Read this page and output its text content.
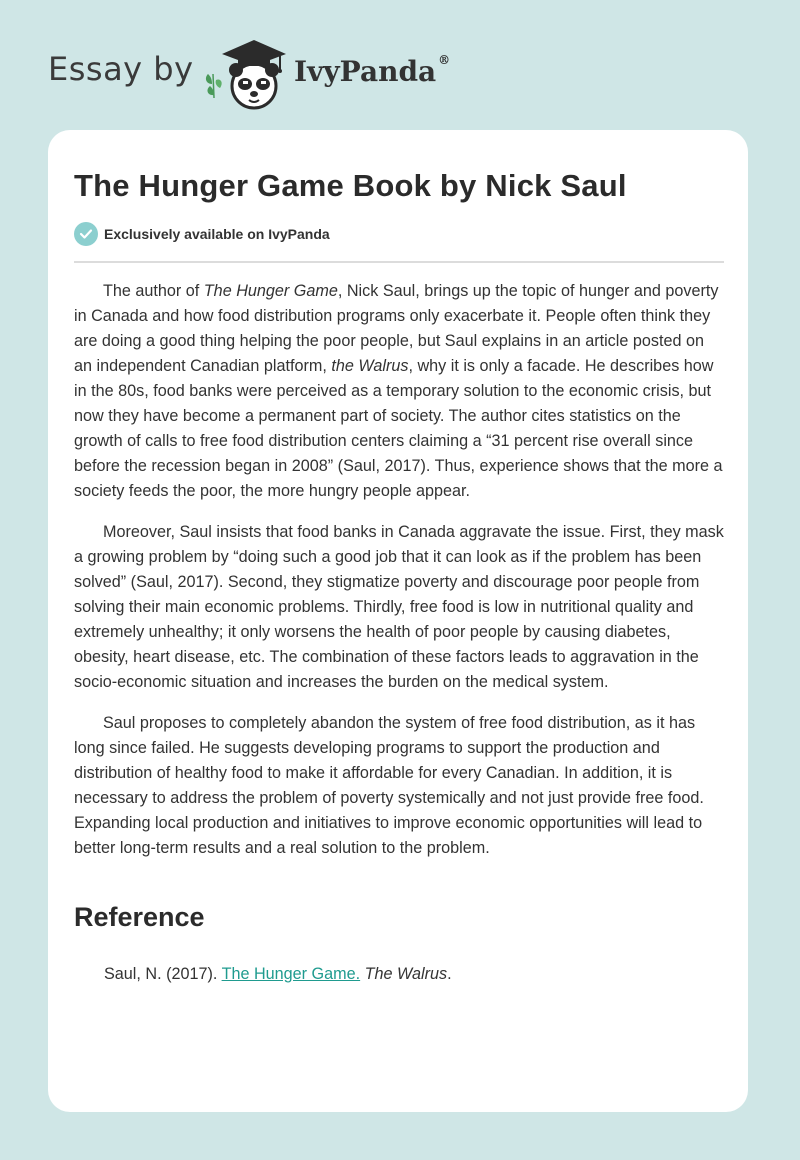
Essay by	IvyPanda ®
The Hunger Game Book by Nick Saul
Exclusively available on IvyPanda

The author of The Hunger Game, Nick Saul, brings up the topic of hunger and poverty in Canada and how food distribution programs only exacerbate it. People often think they are doing a good thing helping the poor people, but Saul explains in an article posted on an independent Canadian platform, the Walrus, why it is only a facade. He describes how in the 80s, food banks were perceived as a temporary solution to the economic crisis, but now they have become a permanent part of society. The author cites statistics on the growth of calls to free food distribution centers claiming a “31 percent rise overall since before the recession began in 2008” (Saul, 2017). Thus, experience shows that the more a society feeds the poor, the more hungry people appear.

Moreover, Saul insists that food banks in Canada aggravate the issue. First, they mask a growing problem by “doing such a good job that it can look as if the problem has been solved” (Saul, 2017). Second, they stigmatize poverty and discourage poor people from solving their main economic problems. Thirdly, free food is low in nutritional quality and extremely unhealthy; it only worsens the health of poor people by causing diabetes, obesity, heart disease, etc. The combination of these factors leads to aggravation in the socio-economic situation and increases the burden on the medical system.

Saul proposes to completely abandon the system of free food distribution, as it has long since failed. He suggests developing programs to support the production and distribution of healthy food to make it affordable for every Canadian. In addition, it is necessary to address the problem of poverty systemically and not just provide free food. Expanding local production and initiatives to improve economic opportunities will lead to better long-term results and a real solution to the problem.

Reference
Saul, N. (2017). The Hunger Game. The Walrus.
